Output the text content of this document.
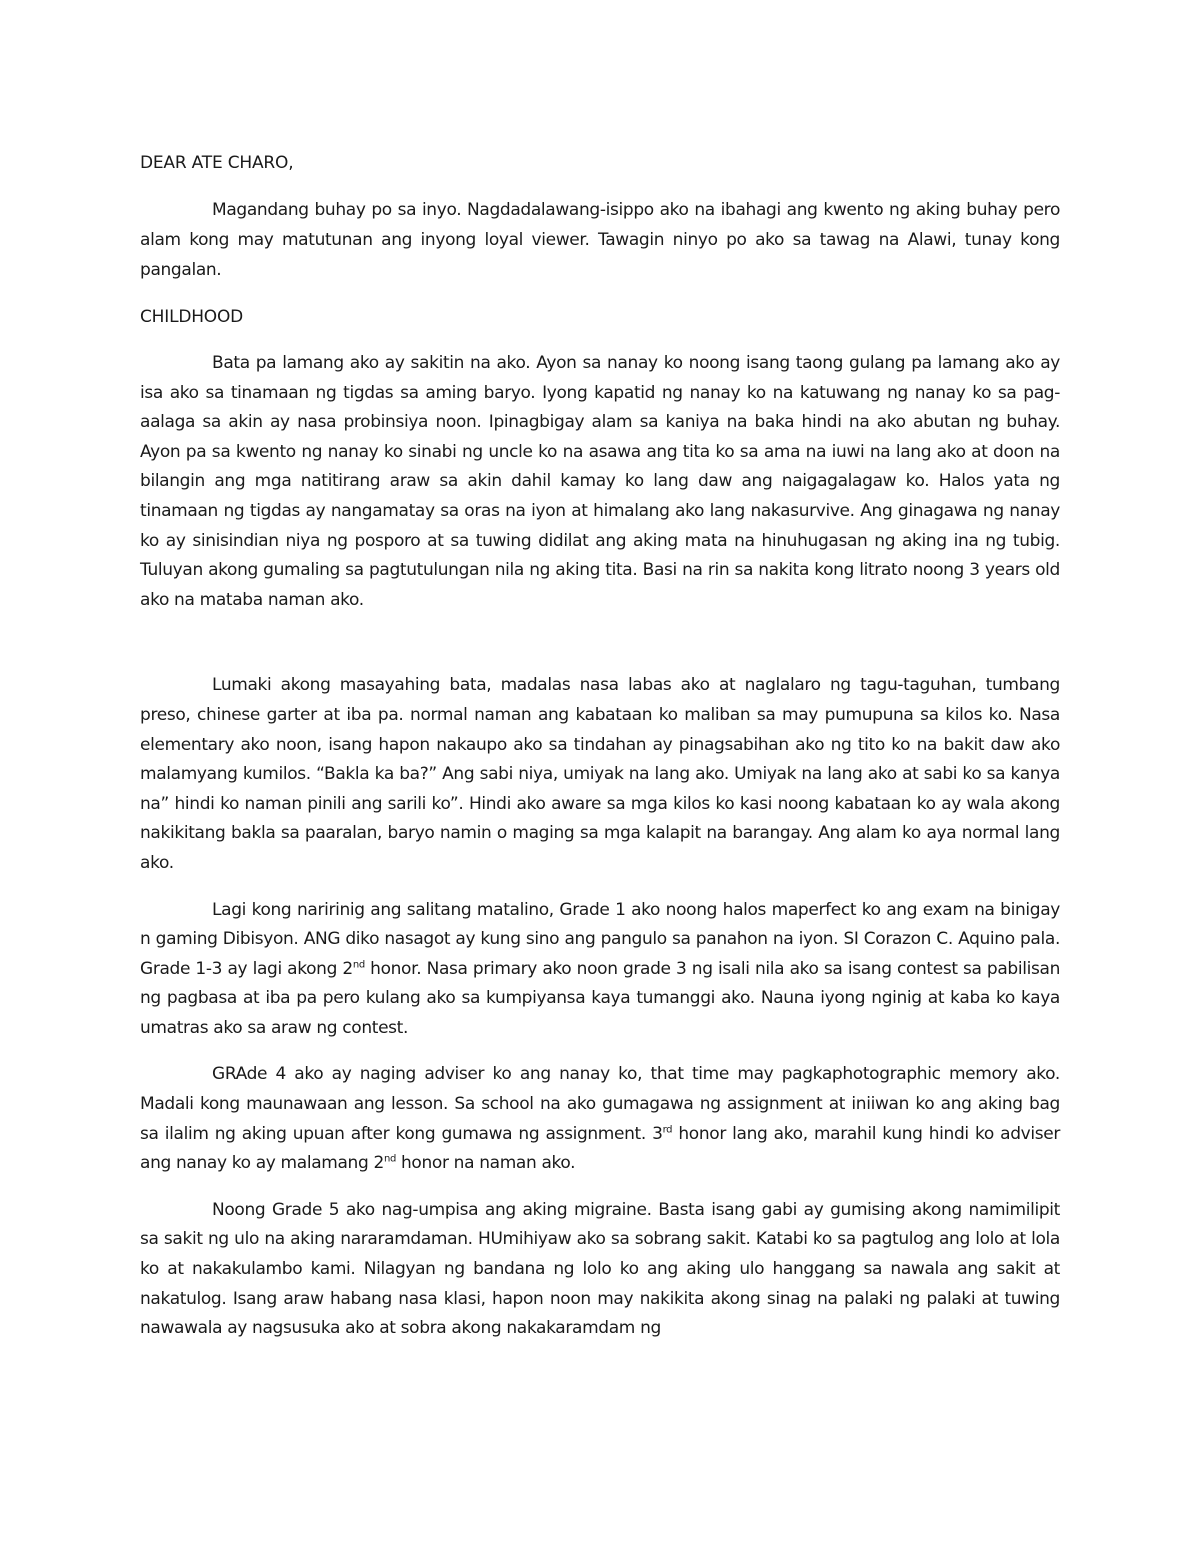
DEAR ATE CHARO,

Magandang buhay po sa inyo. Nagdadalawang-isippo ako na ibahagi ang kwento ng aking buhay pero alam kong may matutunan ang inyong loyal viewer. Tawagin ninyo po ako sa tawag na Alawi, tunay kong pangalan.

CHILDHOOD

Bata pa lamang ako ay sakitin na ako. Ayon sa nanay ko noong isang taong gulang pa lamang ako ay isa ako sa tinamaan ng tigdas sa aming baryo. Iyong kapatid ng nanay ko na katuwang ng nanay ko sa pag-aalaga sa akin ay nasa probinsiya noon. Ipinagbigay alam sa kaniya na baka hindi na ako abutan ng buhay. Ayon pa sa kwento ng nanay ko sinabi ng uncle ko na asawa ang tita ko sa ama na iuwi na lang ako at doon na bilangin ang mga natitirang araw sa akin dahil kamay ko lang daw ang naigagalagaw ko. Halos yata ng tinamaan ng tigdas ay nangamatay sa oras na iyon at himalang ako lang nakasurvive. Ang ginagawa ng nanay ko ay sinisindian niya ng posporo at sa tuwing didilat ang aking mata na hinuhugasan ng aking ina ng tubig. Tuluyan akong gumaling sa pagtutulungan nila ng aking tita. Basi na rin sa nakita kong litrato noong 3 years old ako na mataba naman ako.

Lumaki akong masayahing bata, madalas nasa labas ako at naglalaro ng tagu-taguhan, tumbang preso, chinese garter at iba pa. normal naman ang kabataan ko maliban sa may pumupuna sa kilos ko. Nasa elementary ako noon, isang hapon nakaupo ako sa tindahan ay pinagsabihan ako ng tito ko na bakit daw ako malamyang kumilos. “Bakla ka ba?” Ang sabi niya, umiyak na lang ako. Umiyak na lang ako at sabi ko sa kanya na” hindi ko naman pinili ang sarili ko”. Hindi ako aware sa mga kilos ko kasi noong kabataan ko ay wala akong nakikitang bakla sa paaralan, baryo namin o maging sa mga kalapit na barangay. Ang alam ko aya normal lang ako.

Lagi kong naririnig ang salitang matalino, Grade 1 ako noong halos maperfect ko ang exam na binigay n gaming Dibisyon. ANG diko nasagot ay kung sino ang pangulo sa panahon na iyon. SI Corazon C. Aquino pala. Grade 1-3 ay lagi akong 2nd honor. Nasa primary ako noon grade 3 ng isali nila ako sa isang contest sa pabilisan ng pagbasa at iba pa pero kulang ako sa kumpiyansa kaya tumanggi ako. Nauna iyong nginig at kaba ko kaya umatras ako sa araw ng contest.

GRAde 4 ako ay naging adviser ko ang nanay ko, that time may pagkaphotographic memory ako. Madali kong maunawaan ang lesson. Sa school na ako gumagawa ng assignment at iniiwan ko ang aking bag sa ilalim ng aking upuan after kong gumawa ng assignment. 3rd honor lang ako, marahil kung hindi ko adviser ang nanay ko ay malamang 2nd honor na naman ako.

Noong Grade 5 ako nag-umpisa ang aking migraine. Basta isang gabi ay gumising akong namimilipit sa sakit ng ulo na aking nararamdaman. HUmihiyaw ako sa sobrang sakit. Katabi ko sa pagtulog ang lolo at lola ko at nakakulambo kami. Nilagyan ng bandana ng lolo ko ang aking ulo hanggang sa nawala ang sakit at nakatulog. Isang araw habang nasa klasi, hapon noon may nakikita akong sinag na palaki ng palaki at tuwing nawawala ay nagsusuka ako at sobra akong nakakaramdam ng
